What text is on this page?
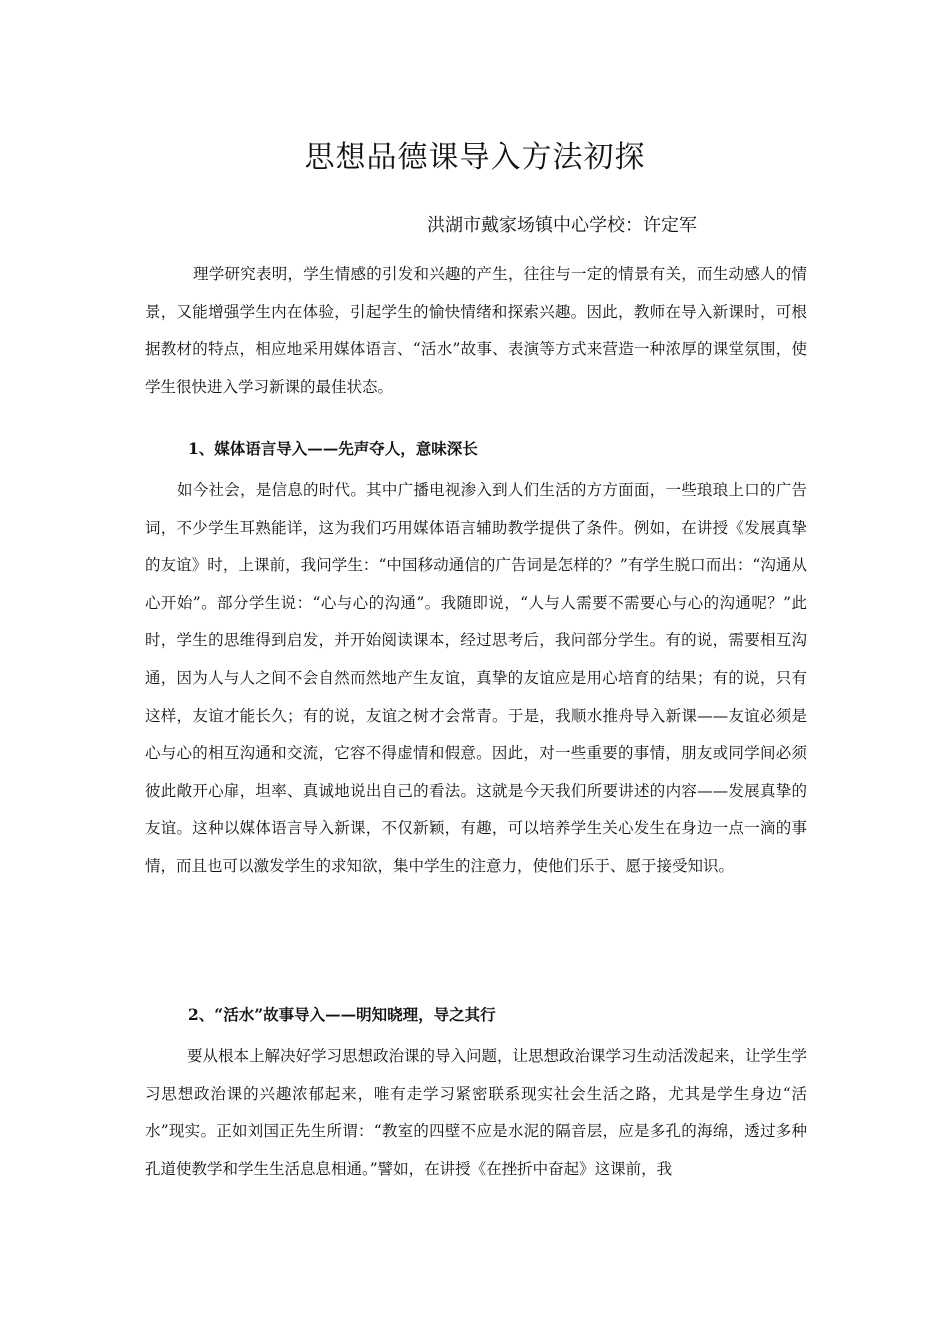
思想品德课导入方法初探
洪湖市戴家场镇中心学校：许定军

理学研究表明，学生情感的引发和兴趣的产生，往往与一定的情景有关，而生动感人的情景，又能增强学生内在体验，引起学生的愉快情绪和探索兴趣。因此，教师在导入新课时，可根据教材的特点，相应地采用媒体语言、“活水”故事、表演等方式来营造一种浓厚的课堂氛围，使学生很快进入学习新课的最佳状态。

1、媒体语言导入——先声夺人，意味深长

如今社会，是信息的时代。其中广播电视渗入到人们生活的方方面面，一些琅琅上口的广告词，不少学生耳熟能详，这为我们巧用媒体语言辅助教学提供了条件。例如，在讲授《发展真挚的友谊》时，上课前，我问学生：“中国移动通信的广告词是怎样的？”有学生脱口而出：“沟通从心开始”。部分学生说：“心与心的沟通”。我随即说，“人与人需要不需要心与心的沟通呢？”此时，学生的思维得到启发，并开始阅读课本，经过思考后，我问部分学生。有的说，需要相互沟通，因为人与人之间不会自然而然地产生友谊，真挚的友谊应是用心培育的结果；有的说，只有这样，友谊才能长久；有的说，友谊之树才会常青。于是，我顺水推舟导入新课——友谊必须是心与心的相互沟通和交流，它容不得虚情和假意。因此，对一些重要的事情，朋友或同学间必须彼此敞开心扉，坦率、真诚地说出自己的看法。这就是今天我们所要讲述的内容——发展真挚的友谊。这种以媒体语言导入新课，不仅新颖，有趣，可以培养学生关心发生在身边一点一滴的事情，而且也可以激发学生的求知欲，集中学生的注意力，使他们乐于、愿于接受知识。

2、“活水”故事导入——明知晓理，导之其行

要从根本上解决好学习思想政治课的导入问题，让思想政治课学习生动活泼起来，让学生学习思想政治课的兴趣浓郁起来，唯有走学习紧密联系现实社会生活之路，尤其是学生身边“活水”现实。正如刘国正先生所谓：“教室的四壁不应是水泥的隔音层，应是多孔的海绵，透过多种孔道使教学和学生生活息息相通。”譬如，在讲授《在挫折中奋起》这课前，我
